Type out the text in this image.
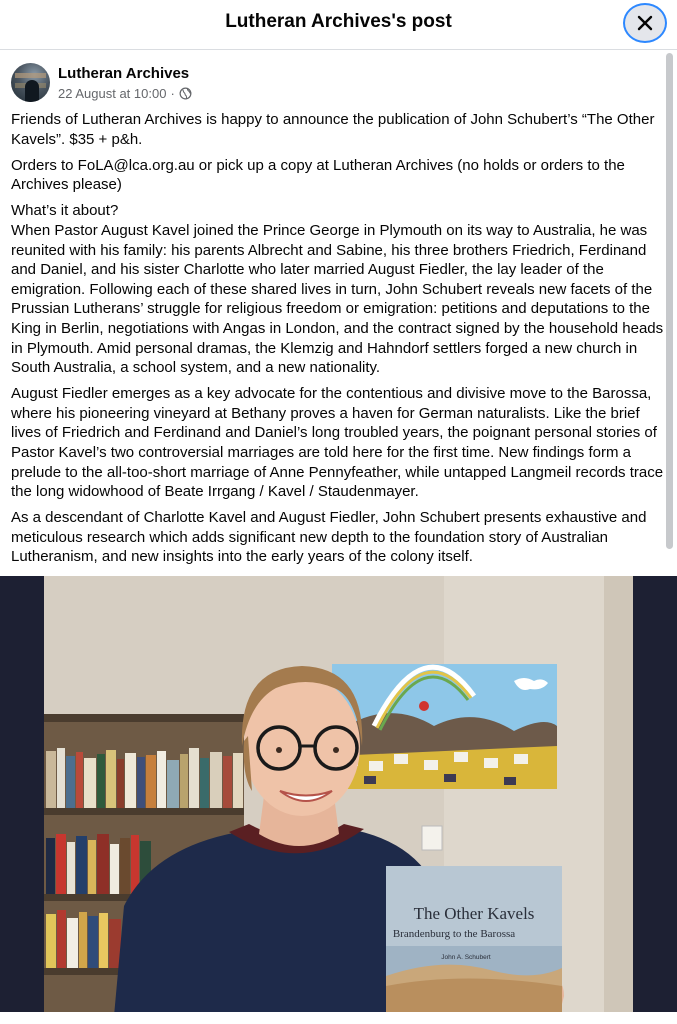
Lutheran Archives's post
Lutheran Archives
22 August at 10:00 ·

Friends of Lutheran Archives is happy to announce the publication of John Schubert’s “The Other Kavels”. $35 + p&h.

Orders to FoLA@lca.org.au or pick up a copy at Lutheran Archives (no holds or orders to the Archives please)

What’s it about?
When Pastor August Kavel joined the Prince George in Plymouth on its way to Australia, he was reunited with his family: his parents Albrecht and Sabine, his three brothers Friedrich, Ferdinand and Daniel, and his sister Charlotte who later married August Fiedler, the lay leader of the emigration. Following each of these shared lives in turn, John Schubert reveals new facets of the Prussian Lutherans’ struggle for religious freedom or emigration: petitions and deputations to the King in Berlin, negotiations with Angas in London, and the contract signed by the household heads in Plymouth. Amid personal dramas, the Klemzig and Hahndorf settlers forged a new church in South Australia, a school system, and a new nationality.

August Fiedler emerges as a key advocate for the contentious and divisive move to the Barossa, where his pioneering vineyard at Bethany proves a haven for German naturalists. Like the brief lives of Friedrich and Ferdinand and Daniel’s long troubled years, the poignant personal stories of Pastor Kavel’s two controversial marriages are told here for the first time. New findings form a prelude to the all-too-short marriage of Anne Pennyfeather, while untapped Langmeil records trace the long widowhood of Beate Irrgang / Kavel / Staudenmayer.

As a descendant of Charlotte Kavel and August Fiedler, John Schubert presents exhaustive and meticulous research which adds significant new depth to the foundation story of Australian Lutheranism, and new insights into the early years of the colony itself.

The Other Kavels
Brandenburg to the Barossa
John A. Schubert
